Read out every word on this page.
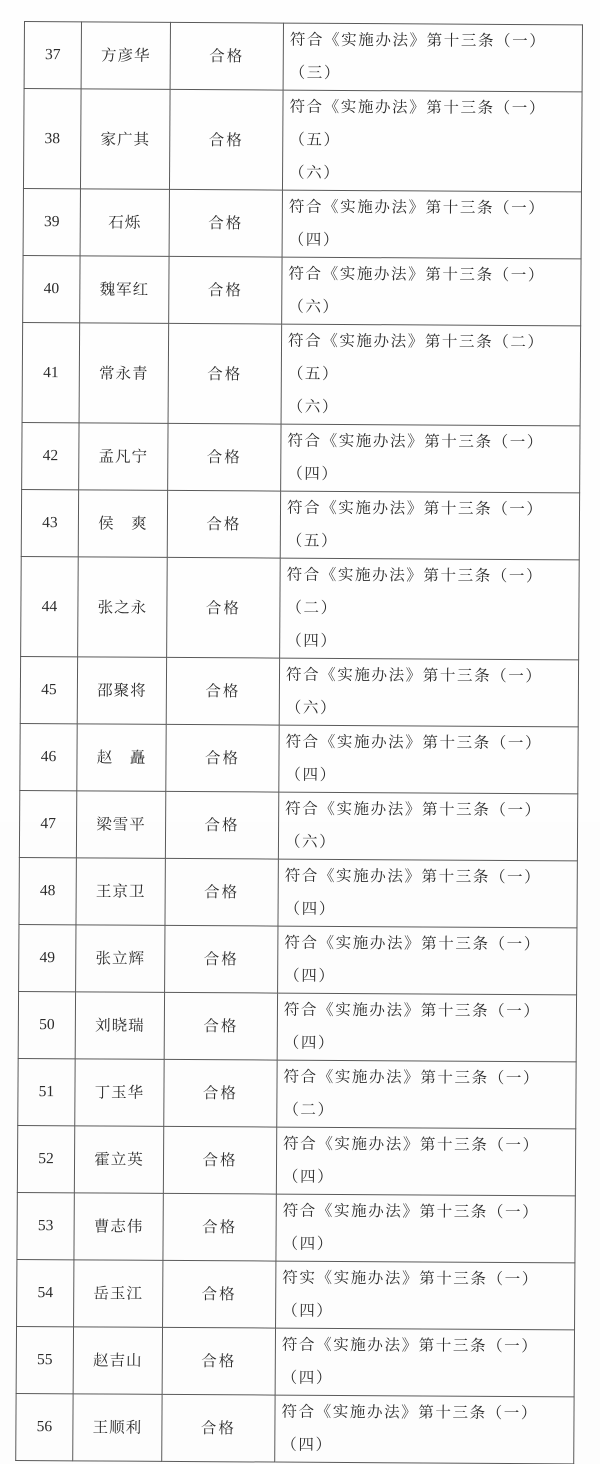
37	方彦华	合格	符合《实施办法》第十三条（一）（三）

38	家广其	合格	符合《实施办法》第十三条（一）（五）
（六）

39	石烁	合格	符合《实施办法》第十三条（一）（四）

40	魏军红	合格	符合《实施办法》第十三条（一）（六）

41	常永青	合格	符合《实施办法》第十三条（二）（五）
（六）

42	孟凡宁	合格	符合《实施办法》第十三条（一）（四）

43	侯　爽	合格	符合《实施办法》第十三条（一）（五）

44	张之永	合格	符合《实施办法》第十三条（一）（二）
（四）

45	邵聚将	合格	符合《实施办法》第十三条（一）（六）

46	赵　矗	合格	符合《实施办法》第十三条（一）（四）

47	梁雪平	合格	符合《实施办法》第十三条（一）（六）

48	王京卫	合格	符合《实施办法》第十三条（一）（四）

49	张立辉	合格	符合《实施办法》第十三条（一）（四）

50	刘晓瑞	合格	符合《实施办法》第十三条（一）（四）

51	丁玉华	合格	符合《实施办法》第十三条（一）（二）

52	霍立英	合格	符合《实施办法》第十三条（一）（四）

53	曹志伟	合格	符合《实施办法》第十三条（一）（四）

54	岳玉江	合格	符实《实施办法》第十三条（一）（四）

55	赵吉山	合格	符合《实施办法》第十三条（一）（四）

56	王顺利	合格	符合《实施办法》第十三条（一）（四）
